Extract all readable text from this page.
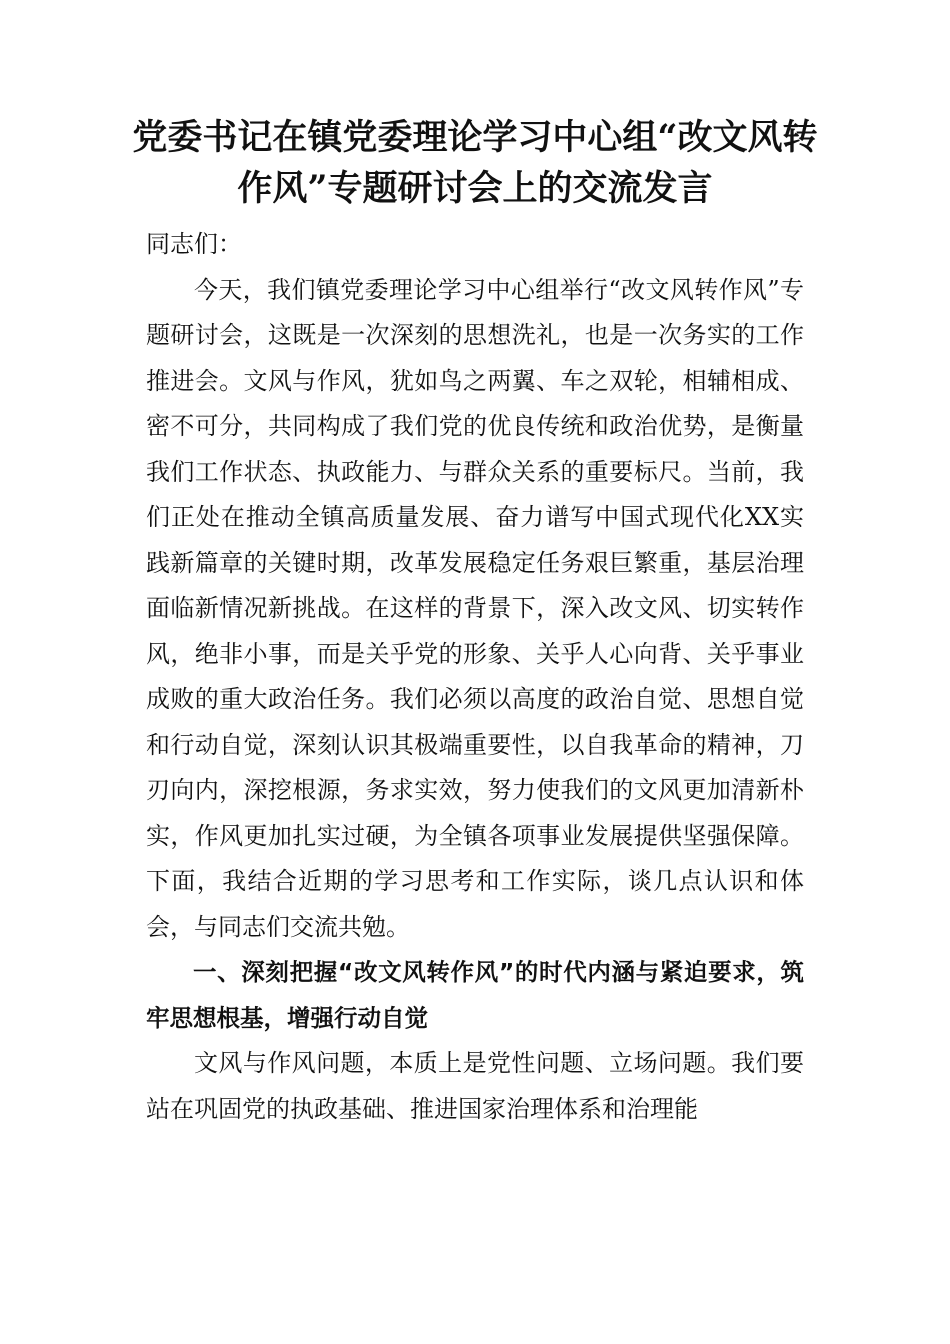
党委书记在镇党委理论学习中心组“改文风转作风”专题研讨会上的交流发言

同志们：

今天，我们镇党委理论学习中心组举行“改文风转作风”专题研讨会，这既是一次深刻的思想洗礼，也是一次务实的工作推进会。文风与作风，犹如鸟之两翼、车之双轮，相辅相成、密不可分，共同构成了我们党的优良传统和政治优势，是衡量我们工作状态、执政能力、与群众关系的重要标尺。当前，我们正处在推动全镇高质量发展、奋力谱写中国式现代化XX实践新篇章的关键时期，改革发展稳定任务艰巨繁重，基层治理面临新情况新挑战。在这样的背景下，深入改文风、切实转作风，绝非小事，而是关乎党的形象、关乎人心向背、关乎事业成败的重大政治任务。我们必须以高度的政治自觉、思想自觉和行动自觉，深刻认识其极端重要性，以自我革命的精神，刀刃向内，深挖根源，务求实效，努力使我们的文风更加清新朴实，作风更加扎实过硬，为全镇各项事业发展提供坚强保障。下面，我结合近期的学习思考和工作实际，谈几点认识和体会，与同志们交流共勉。

一、深刻把握“改文风转作风”的时代内涵与紧迫要求，筑牢思想根基，增强行动自觉

文风与作风问题，本质上是党性问题、立场问题。我们要站在巩固党的执政基础、推进国家治理体系和治理能
